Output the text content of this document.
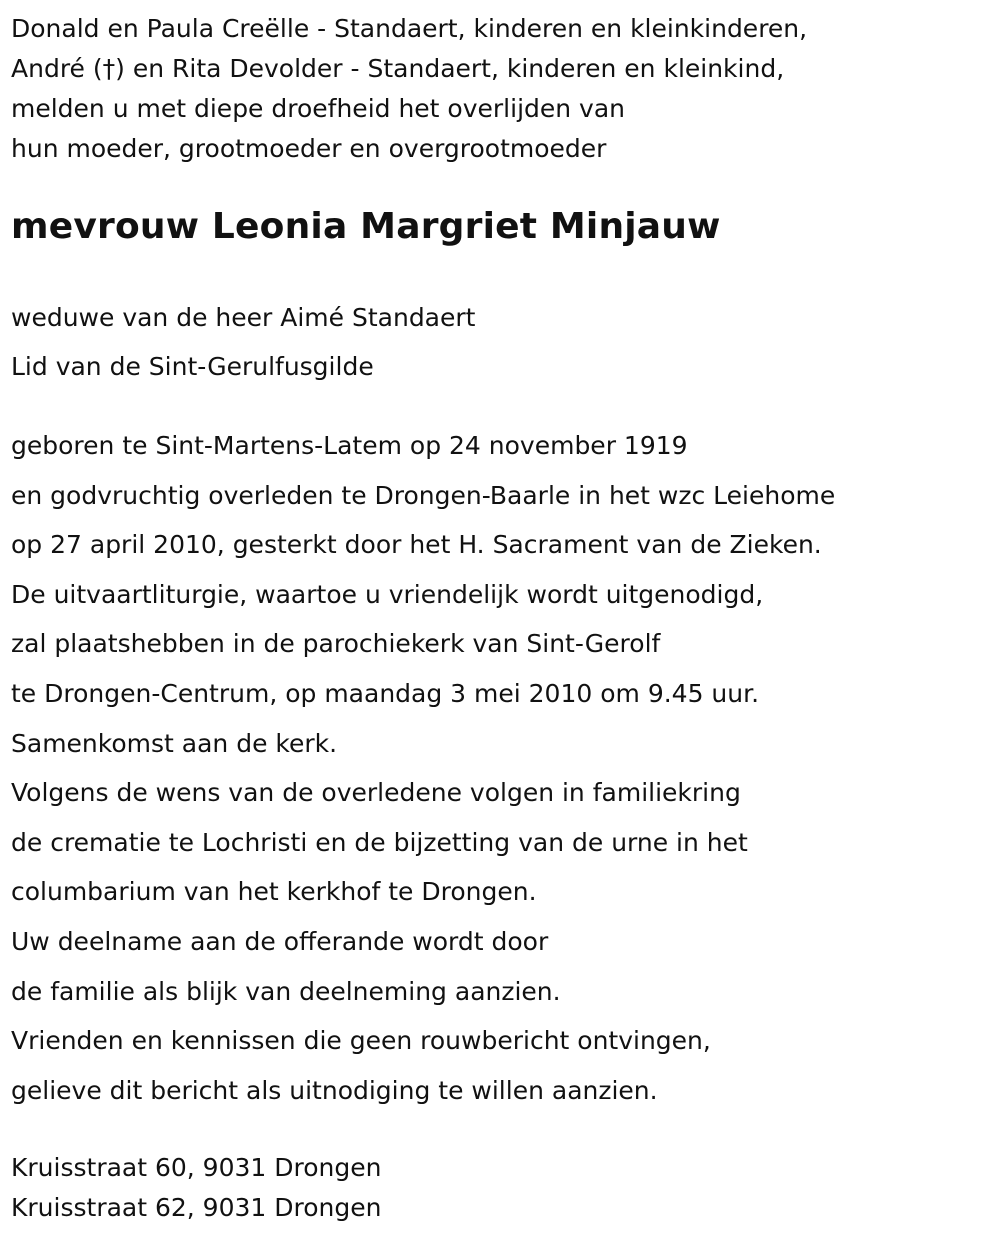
Donald en Paula Creëlle - Standaert, kinderen en kleinkinderen,
André (†) en Rita Devolder - Standaert, kinderen en kleinkind,
melden u met diepe droefheid het overlijden van
hun moeder, grootmoeder en overgrootmoeder
mevrouw Leonia Margriet Minjauw
weduwe van de heer Aimé Standaert
Lid van de Sint-Gerulfusgilde
geboren te Sint-Martens-Latem op 24 november 1919
en godvruchtig overleden te Drongen-Baarle in het wzc Leiehome
op 27 april 2010, gesterkt door het H. Sacrament van de Zieken.
De uitvaartliturgie, waartoe u vriendelijk wordt uitgenodigd,
zal plaatshebben in de parochiekerk van Sint-Gerolf
te Drongen-Centrum, op maandag 3 mei 2010 om 9.45 uur.
Samenkomst aan de kerk.
Volgens de wens van de overledene volgen in familiekring
de crematie te Lochristi en de bijzetting van de urne in het
columbarium van het kerkhof te Drongen.
Uw deelname aan de offerande wordt door
de familie als blijk van deelneming aanzien.
Vrienden en kennissen die geen rouwbericht ontvingen,
gelieve dit bericht als uitnodiging te willen aanzien.
Kruisstraat 60, 9031 Drongen
Kruisstraat 62, 9031 Drongen
